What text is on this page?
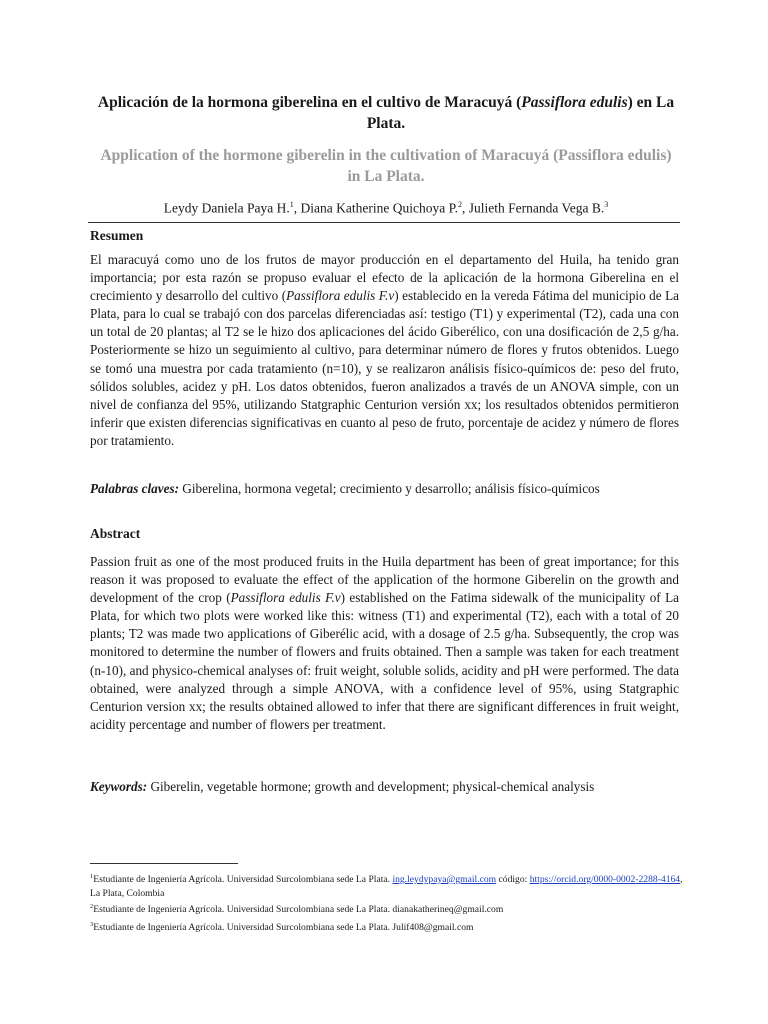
Aplicación de la hormona giberelina en el cultivo de Maracuyá (Passiflora edulis) en La Plata.
Application of the hormone giberelin in the cultivation of Maracuyá (Passiflora edulis) in La Plata.
Leydy Daniela Paya H.$^1$, Diana Katherine Quichoya P.$^2$, Julieth Fernanda Vega B.$^3$
Resumen

El maracuyá como uno de los frutos de mayor producción en el departamento del Huila, ha tenido gran importancia; por esta razón se propuso evaluar el efecto de la aplicación de la hormona Giberelina en el crecimiento y desarrollo del cultivo (Passiflora edulis F.v) establecido en la vereda Fátima del municipio de La Plata, para lo cual se trabajó con dos parcelas diferenciadas así: testigo (T1) y experimental (T2), cada una con un total de 20 plantas; al T2 se le hizo dos aplicaciones del ácido Giberélico, con una dosificación de 2,5 g/ha. Posteriormente se hizo un seguimiento al cultivo, para determinar número de flores y frutos obtenidos. Luego se tomó una muestra por cada tratamiento (n=10), y se realizaron análisis físico-químicos de: peso del fruto, sólidos solubles, acidez y pH. Los datos obtenidos, fueron analizados a través de un ANOVA simple, con un nivel de confianza del 95%, utilizando Statgraphic Centurion versión xx; los resultados obtenidos permitieron inferir que existen diferencias significativas en cuanto al peso de fruto, porcentaje de acidez y número de flores por tratamiento.

Palabras claves: Giberelina, hormona vegetal; crecimiento y desarrollo; análisis físico-químicos
Abstract

Passion fruit as one of the most produced fruits in the Huila department has been of great importance; for this reason it was proposed to evaluate the effect of the application of the hormone Giberelin on the growth and development of the crop (Passiflora edulis F.v) established on the Fatima sidewalk of the municipality of La Plata, for which two plots were worked like this: witness (T1) and experimental (T2), each with a total of 20 plants; T2 was made two applications of Giberélic acid, with a dosage of 2.5 g/ha. Subsequently, the crop was monitored to determine the number of flowers and fruits obtained. Then a sample was taken for each treatment (n-10), and physico-chemical analyses of: fruit weight, soluble solids, acidity and pH were performed. The data obtained, were analyzed through a simple ANOVA, with a confidence level of 95%, using Statgraphic Centurion version xx; the results obtained allowed to infer that there are significant differences in fruit weight, acidity percentage and number of flowers per treatment.

Keywords: Giberelin, vegetable hormone; growth and development; physical-chemical analysis

$^1$Estudiante de Ingeniería Agrícola. Universidad Surcolombiana sede La Plata. ing.leydypaya@gmail.com código: https://orcid.org/0000-0002-2288-4164, La Plata, Colombia

$^2$Estudiante de Ingeniería Agrícola. Universidad Surcolombiana sede La Plata. dianakatherineq@gmail.com

$^3$Estudiante de Ingeniería Agrícola. Universidad Surcolombiana sede La Plata. Julif408@gmail.com
